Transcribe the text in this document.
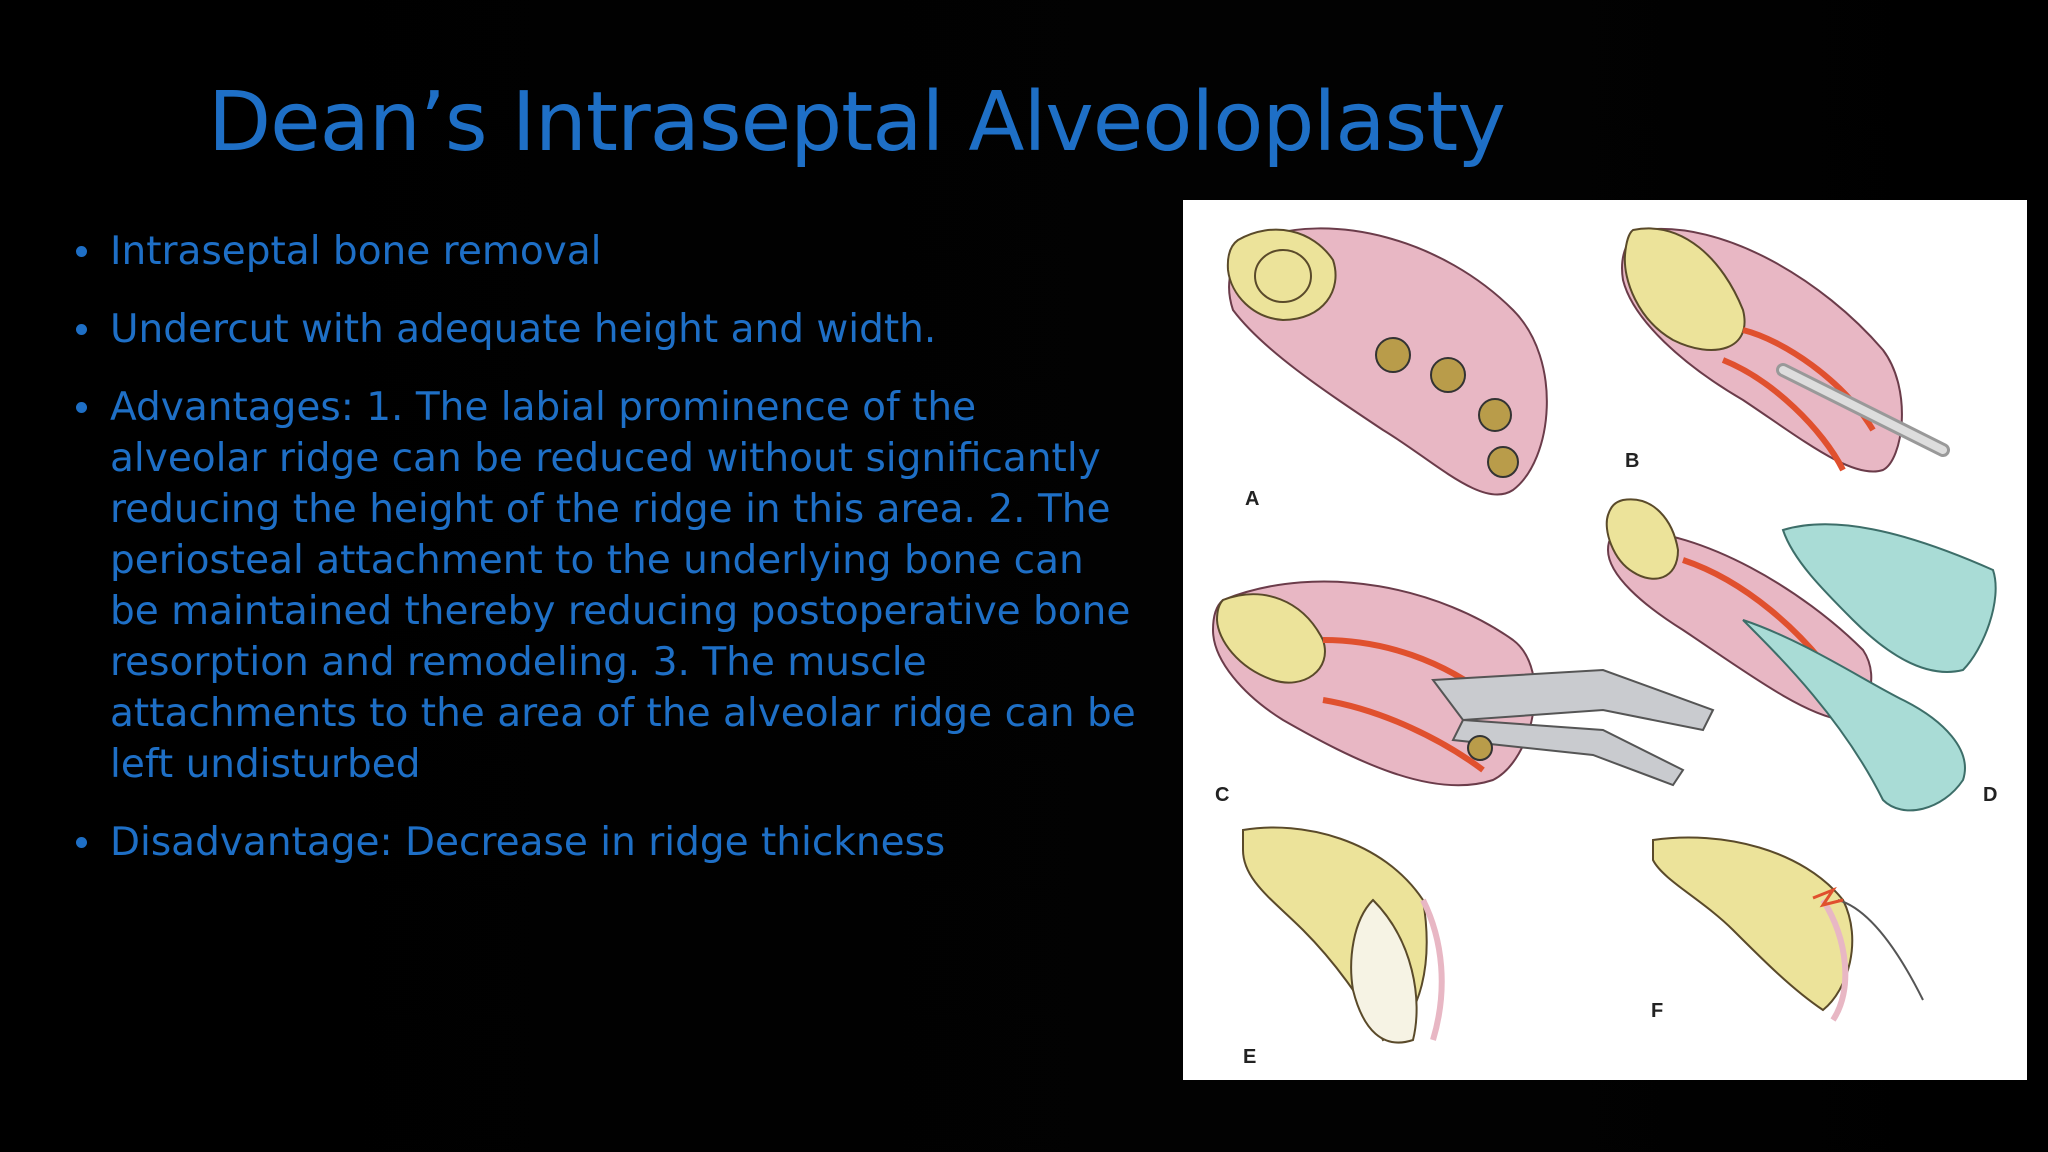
Dean’s Intraseptal Alveoloplasty
Intraseptal bone removal
Undercut with adequate height and width.
Advantages: 1. The labial prominence of the alveolar ridge can be reduced without significantly reducing the height of the ridge in this area. 2. The periosteal attachment to the underlying bone can be maintained thereby reducing postoperative bone resorption and remodeling. 3. The muscle attachments to the area of the alveolar ridge can be left undisturbed
Disadvantage: Decrease in ridge thickness
A
B
C	D
E
F
